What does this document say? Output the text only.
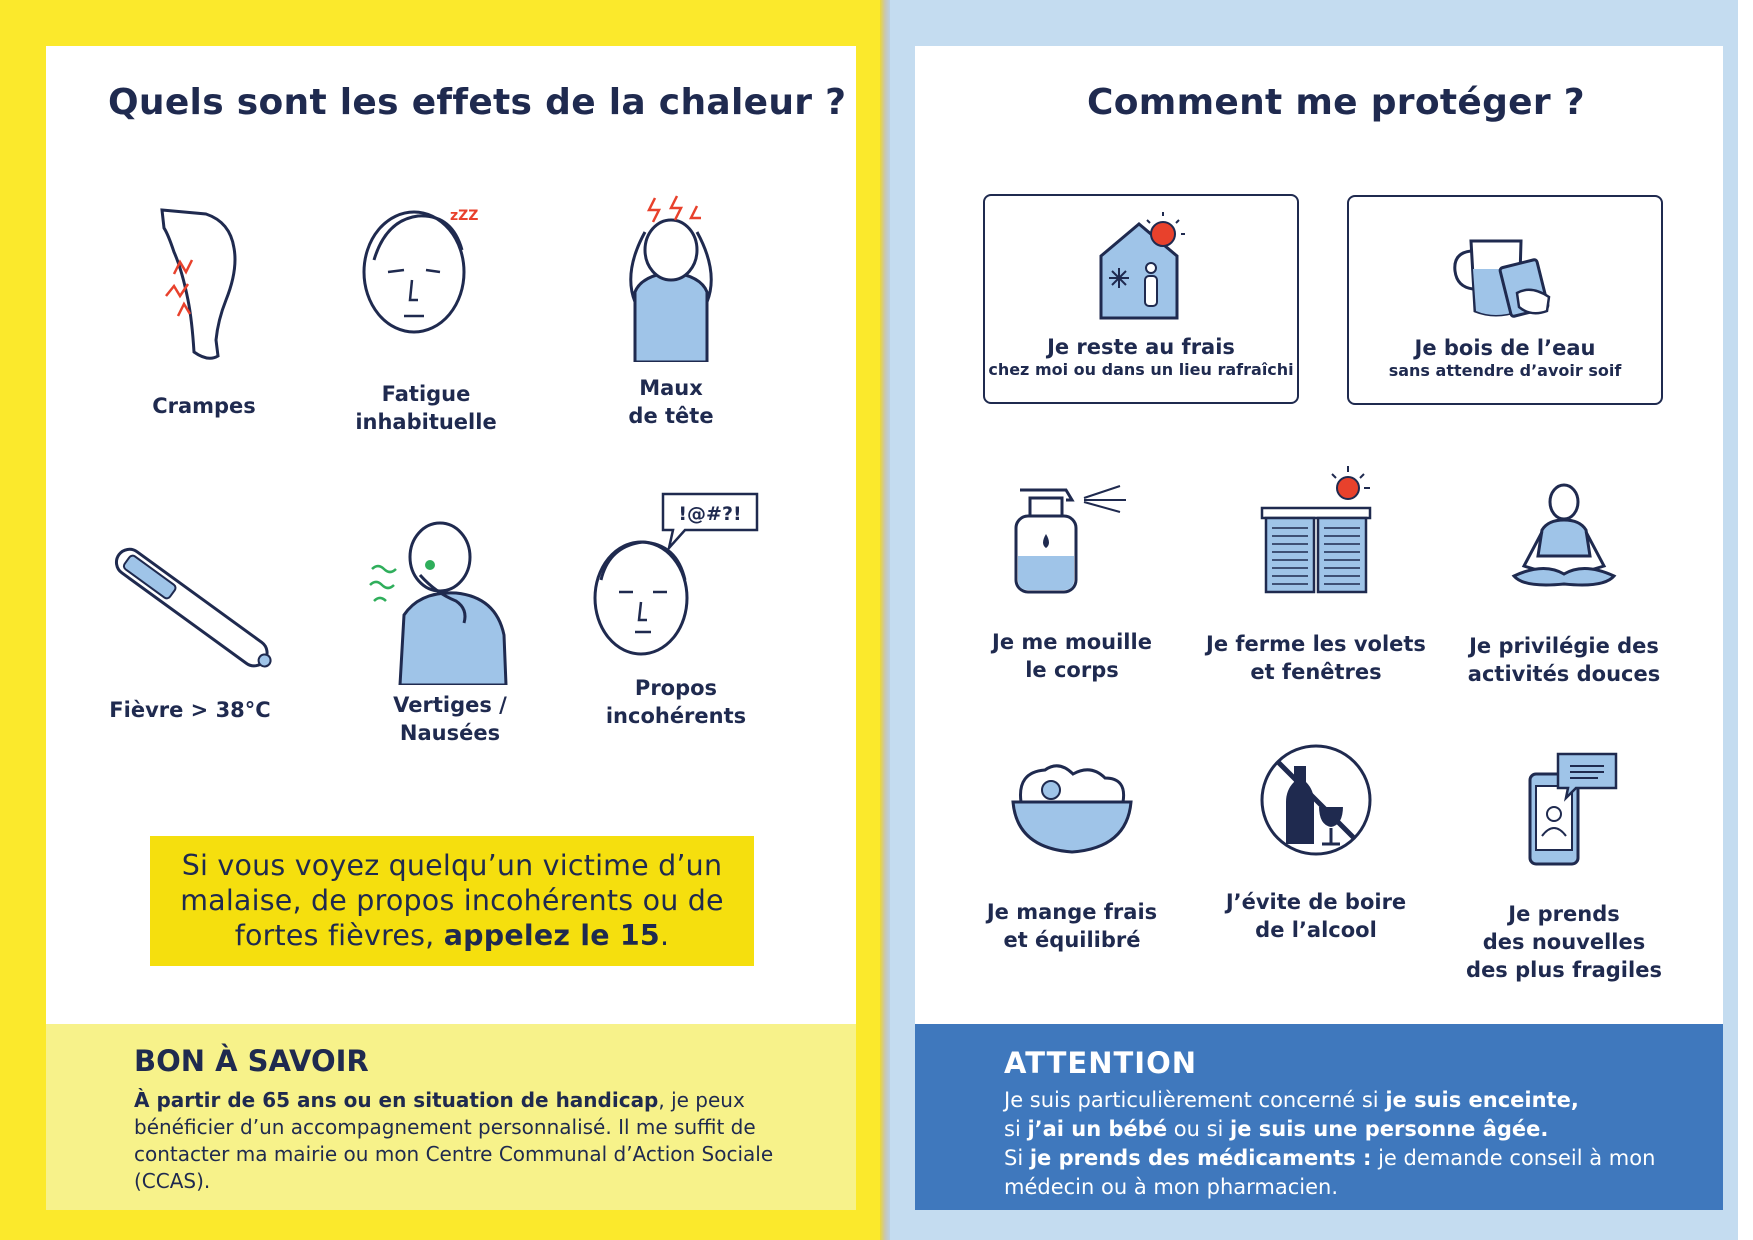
Quels sont les effets de la chaleur ?
Crampes
zZZ
Fatigue
inhabituelle
Maux
de tête
Fièvre > 38°C	Vertiges /
Nausées
!@#?!
Propos
incohérents
Si vous voyez quelqu’un victime d’un malaise, de propos incohérents ou de fortes fièvres, appelez le 15.
BON À SAVOIR

À partir de 65 ans ou en situation de handicap, je peux bénéficier d’un accompagnement personnalisé. Il me suffit de contacter ma mairie ou mon Centre Communal d’Action Sociale (CCAS).

Comment me protéger ?
Je reste au frais
chez moi ou dans un lieu rafraîchi
Je bois de l’eau
sans attendre d’avoir soif
Je me mouille
le corps
Je ferme les volets
et fenêtres
Je privilégie des
activités douces
Je mange frais
et équilibré
J’évite de boire
de l’alcool
Je prends
des nouvelles
des plus fragiles
ATTENTION

Je suis particulièrement concerné si je suis enceinte,
si j’ai un bébé ou si je suis une personne âgée.
Si je prends des médicaments : je demande conseil à mon médecin ou à mon pharmacien.
